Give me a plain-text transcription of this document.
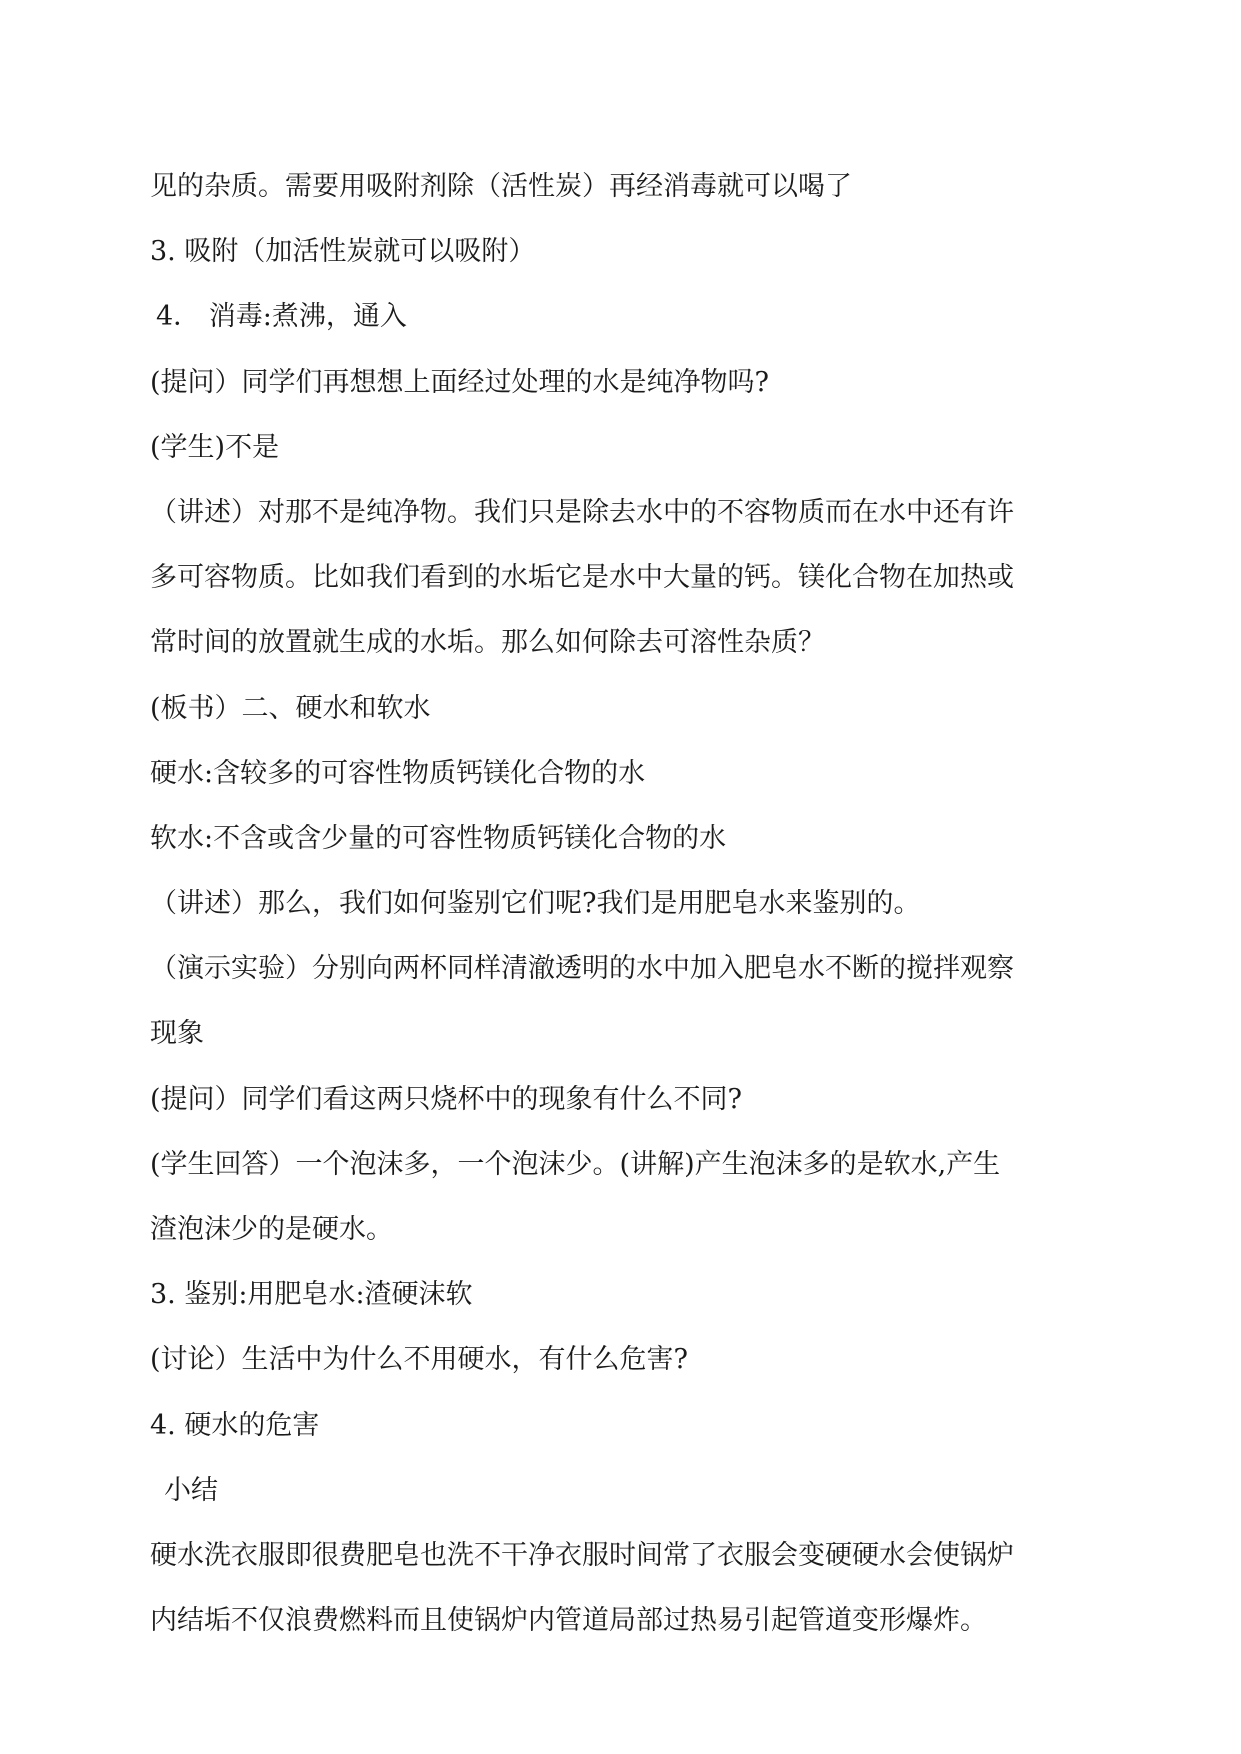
见的杂质。需要用吸附剂除（活性炭）再经消毒就可以喝了
3. 吸附（加活性炭就可以吸附）
4． 消毒:煮沸，通入
(提问）同学们再想想上面经过处理的水是纯净物吗?
(学生)不是
（讲述）对那不是纯净物。我们只是除去水中的不容物质而在水中还有许
多可容物质。比如我们看到的水垢它是水中大量的钙。镁化合物在加热或
常时间的放置就生成的水垢。那么如何除去可溶性杂质？
(板书）二、硬水和软水
硬水:含较多的可容性物质钙镁化合物的水
软水:不含或含少量的可容性物质钙镁化合物的水
（讲述）那么，我们如何鉴别它们呢?我们是用肥皂水来鉴别的。
（演示实验）分别向两杯同样清澈透明的水中加入肥皂水不断的搅拌观察
现象
(提问）同学们看这两只烧杯中的现象有什么不同?
(学生回答）一个泡沫多，一个泡沫少。(讲解)产生泡沫多的是软水,产生
渣泡沫少的是硬水。
3. 鉴别:用肥皂水:渣硬沫软
(讨论）生活中为什么不用硬水，有什么危害?
4. 硬水的危害
小结
硬水洗衣服即很费肥皂也洗不干净衣服时间常了衣服会变硬硬水会使锅炉
内结垢不仅浪费燃料而且使锅炉内管道局部过热易引起管道变形爆炸。
